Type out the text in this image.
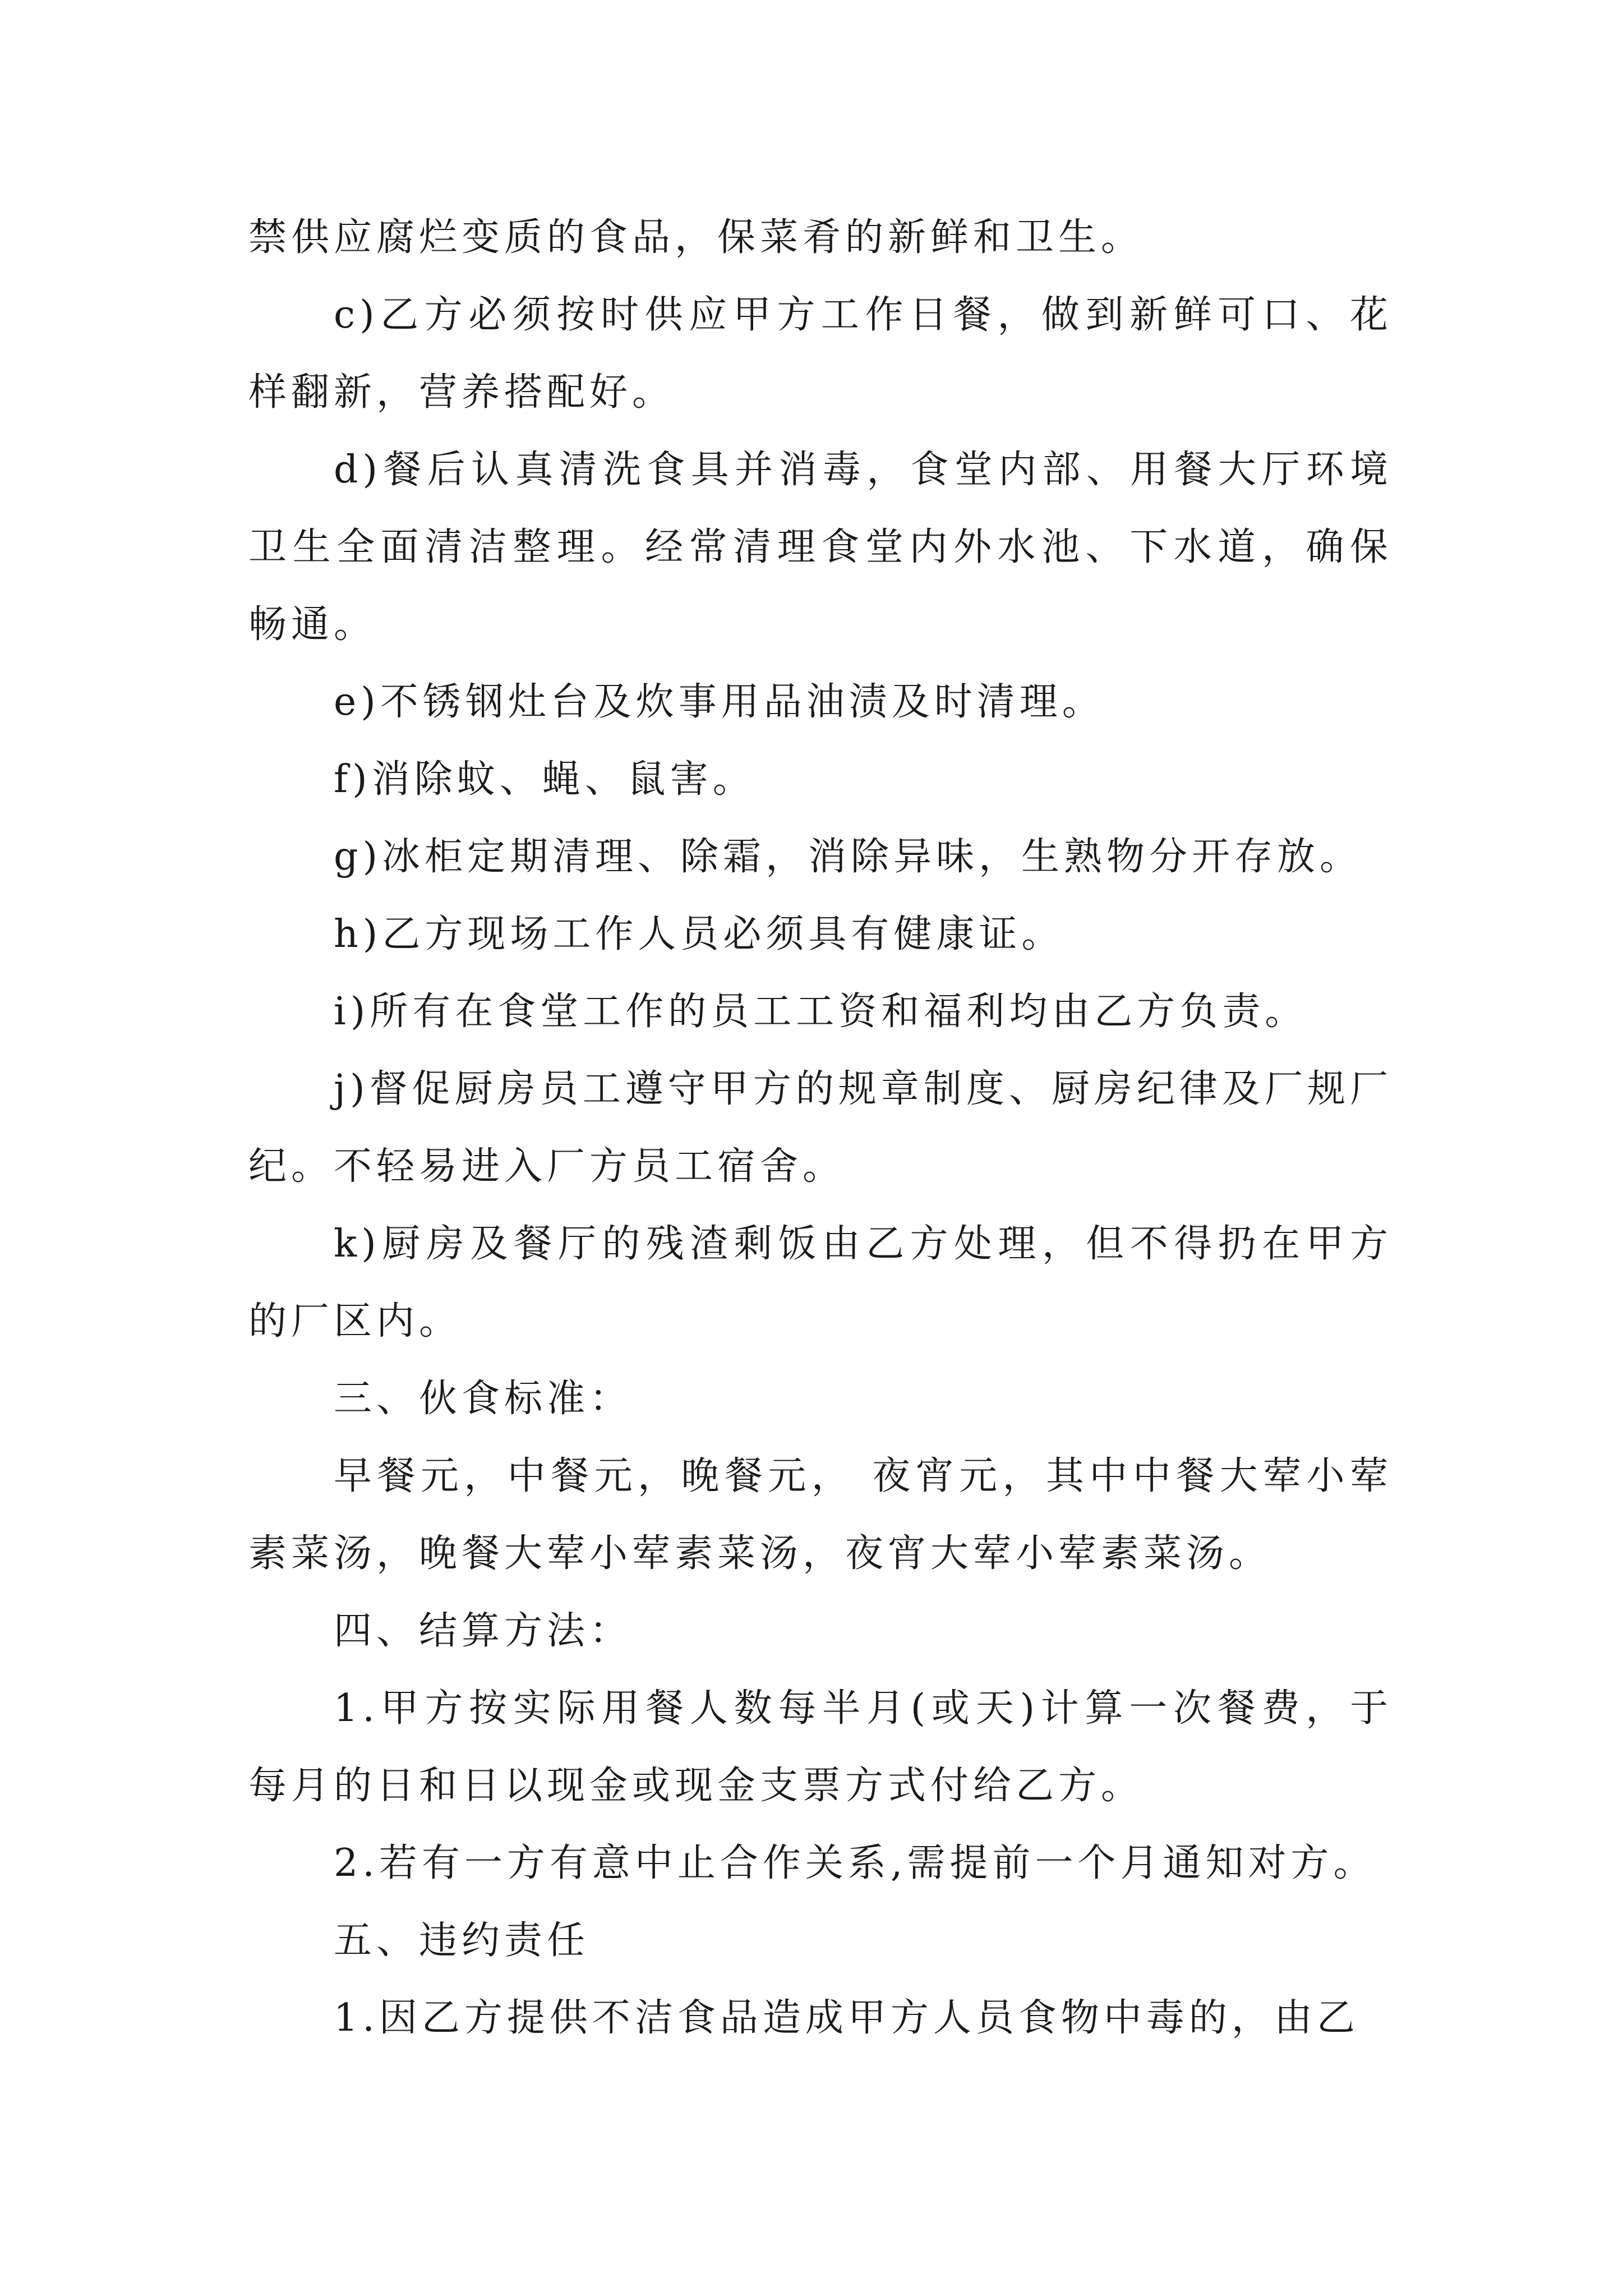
禁供应腐烂变质的食品，保菜肴的新鲜和卫生。

c)乙方必须按时供应甲方工作日餐，做到新鲜可口、花样翻新，营养搭配好。

d)餐后认真清洗食具并消毒，食堂内部、用餐大厅环境卫生全面清洁整理。经常清理食堂内外水池、下水道，确保畅通。

e)不锈钢灶台及炊事用品油渍及时清理。

f)消除蚊、蝇、鼠害。

g)冰柜定期清理、除霜，消除异味，生熟物分开存放。

h)乙方现场工作人员必须具有健康证。

i)所有在食堂工作的员工工资和福利均由乙方负责。

j)督促厨房员工遵守甲方的规章制度、厨房纪律及厂规厂纪。不轻易进入厂方员工宿舍。

k)厨房及餐厅的残渣剩饭由乙方处理，但不得扔在甲方的厂区内。

三、伙食标准：

早餐元，中餐元，晚餐元， 夜宵元，其中中餐大荤小荤素菜汤，晚餐大荤小荤素菜汤，夜宵大荤小荤素菜汤。

四、结算方法：

1.甲方按实际用餐人数每半月(或天)计算一次餐费，于每月的日和日以现金或现金支票方式付给乙方。

2.若有一方有意中止合作关系,需提前一个月通知对方。

五、违约责任

1.因乙方提供不洁食品造成甲方人员食物中毒的，由乙
